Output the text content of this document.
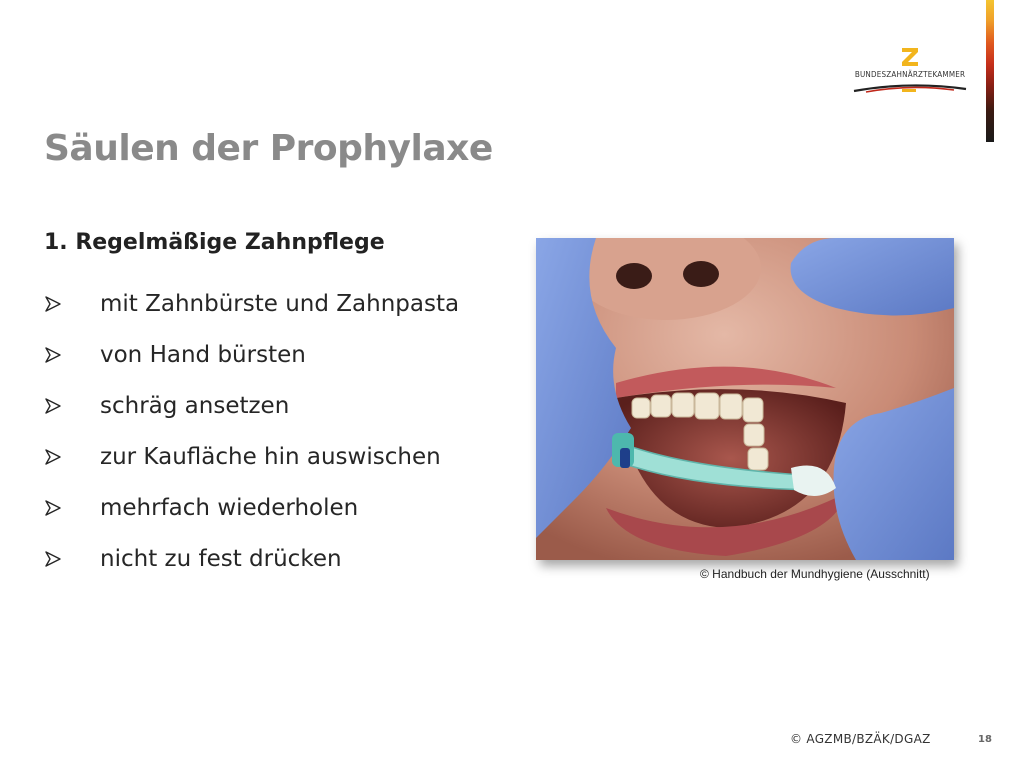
BUNDESZAHNÄRZTEKAMMER
Säulen der Prophylaxe
1. Regelmäßige Zahnpflege
mit Zahnbürste und Zahnpasta
von Hand bürsten
schräg ansetzen
zur Kaufläche hin auswischen
mehrfach wiederholen
nicht zu fest drücken
© Handbuch der Mundhygiene (Ausschnitt)
© AGZMB/BZÄK/DGAZ	18
